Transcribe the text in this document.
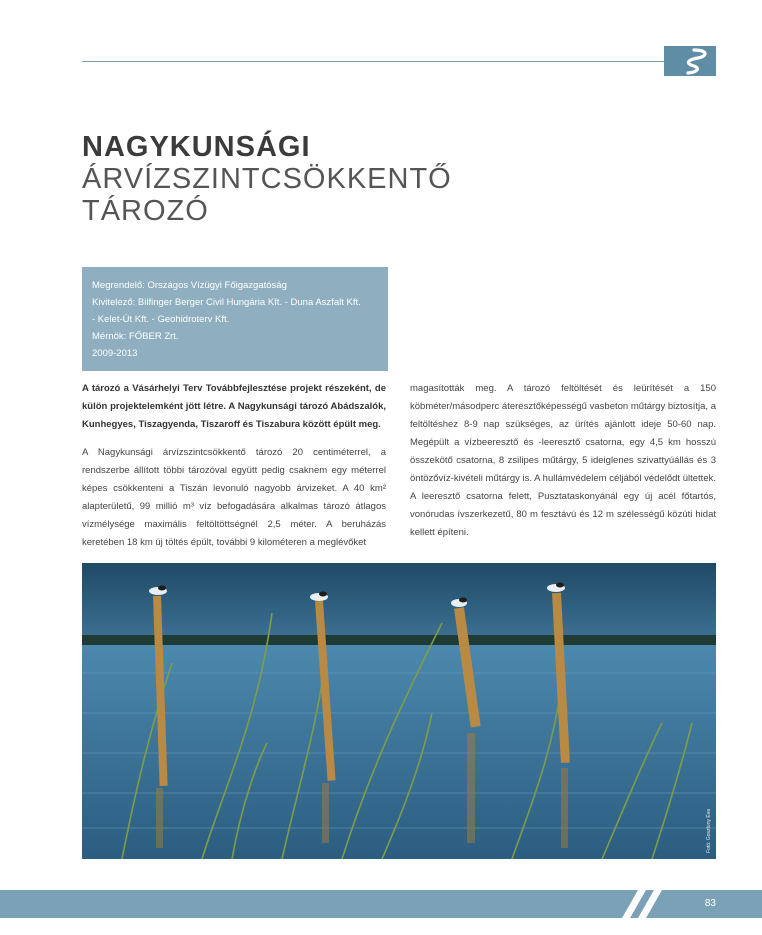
NAGYKUNSÁGI
ÁRVÍZSZINTCSÖKKENTŐ
TÁROZÓ
Megrendelő: Országos Vízügyi Főigazgatóság
Kivitelező: Bilfinger Berger Civil Hungária Kft. - Duna Aszfalt Kft.
- Kelet-Út Kft. - Geohidroterv Kft.
Mérnök: FŐBER Zrt.
2009-2013

A tározó a Vásárhelyi Terv Továbbfejlesztése projekt részeként, de külön projektelemként jött létre. A Nagykunsági tározó Abádszalók, Kunhegyes, Tiszagyenda, Tiszaroff és Tiszabura között épült meg.

A Nagykunsági árvízszintcsökkentő tározó 20 centiméterrel, a rendszerbe állított többi tározóval együtt pedig csaknem egy méterrel képes csökkenteni a Tiszán levonuló nagyobb árvizeket. A 40 km² alapterületű, 99 millió m³ víz befogadására alkalmas tározó átlagos vízmélysége maximális feltöltöttségnél 2,5 méter. A beruházás keretében 18 km új töltés épült, további 9 kilométeren a meglévőket

magasították meg. A tározó feltöltését és leürítését a 150 köbméter/másodperc áteresztőképességű vasbeton műtárgy biztosítja, a feltöltéshez 8-9 nap szükséges, az ürítés ajánlott ideje 50-60 nap. Megépült a vízbeeresztő és -leeresztő csatorna, egy 4,5 km hosszú összekötő csatorna, 8 zsilipes műtárgy, 5 ideiglenes szivattyúállás és 3 öntözővíz-kivételi műtárgy is. A hullámvédelem céljából védelődt ültettek. A leeresztő csatorna felett, Pusztataskonyánál egy új acél főtartós, vonórudas ívszerkezetű, 80 m fesztávú és 12 m szélességű közúti hidat kellett építeni.

Fotó: Gosztony Éva
83
